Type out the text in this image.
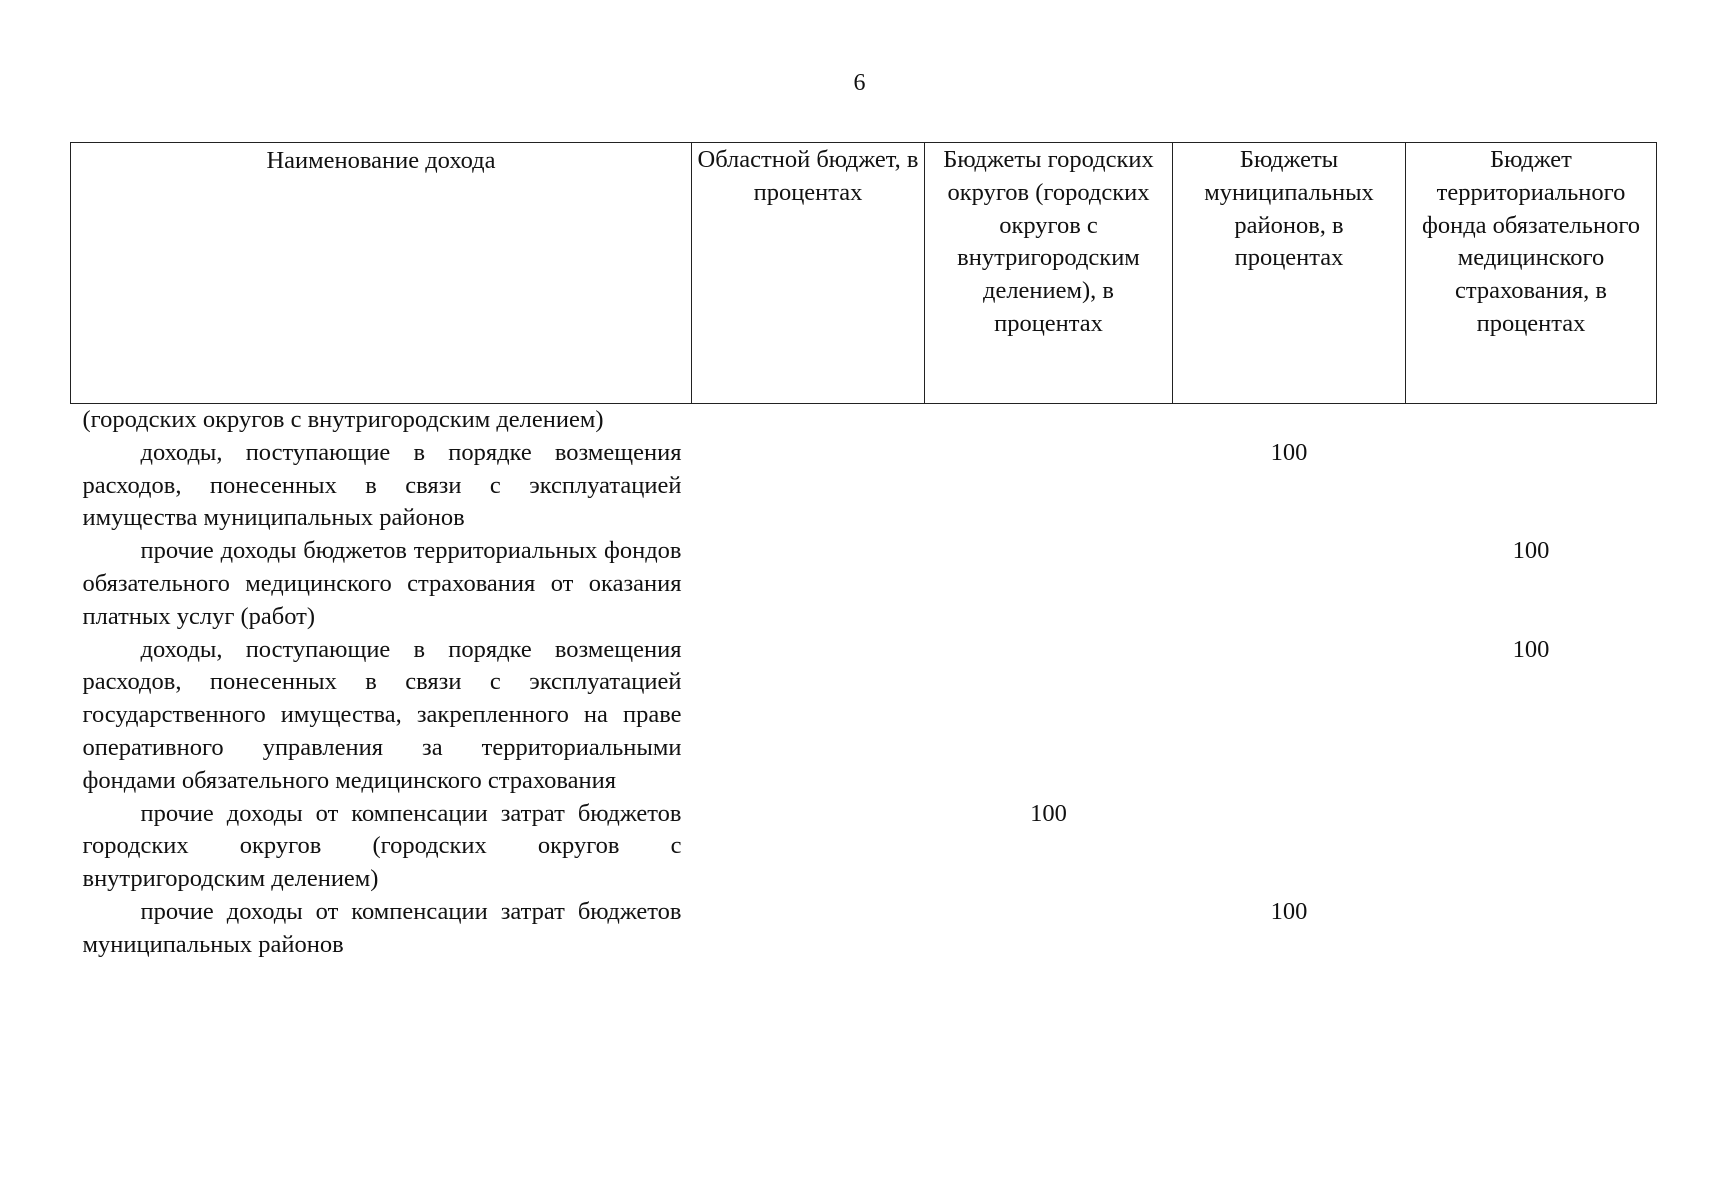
6
Наименование дохода	Областной бюджет, в процентах	Бюджеты городских округов (городских округов с внутригородским делением), в процентах	Бюджеты муниципальных районов, в процентах	Бюджет территориального фонда обязательного медицинского страхования, в процентах
(городских округов с внутригородским делением)				
доходы, поступающие в порядке возмещения расходов, понесенных в связи с эксплуатацией имущества муниципальных районов			100	
прочие доходы бюджетов территориальных фондов обязательного медицинского страхования от оказания платных услуг (работ)				100
доходы, поступающие в порядке возмещения расходов, понесенных в связи с эксплуатацией государственного имущества, закрепленного на праве оперативного управления за территориальными фондами обязательного медицинского страхования				100
прочие доходы от компенсации затрат бюджетов городских округов (городских округов с внутригородским делением)		100		
прочие доходы от компенсации затрат бюджетов муниципальных районов			100	
